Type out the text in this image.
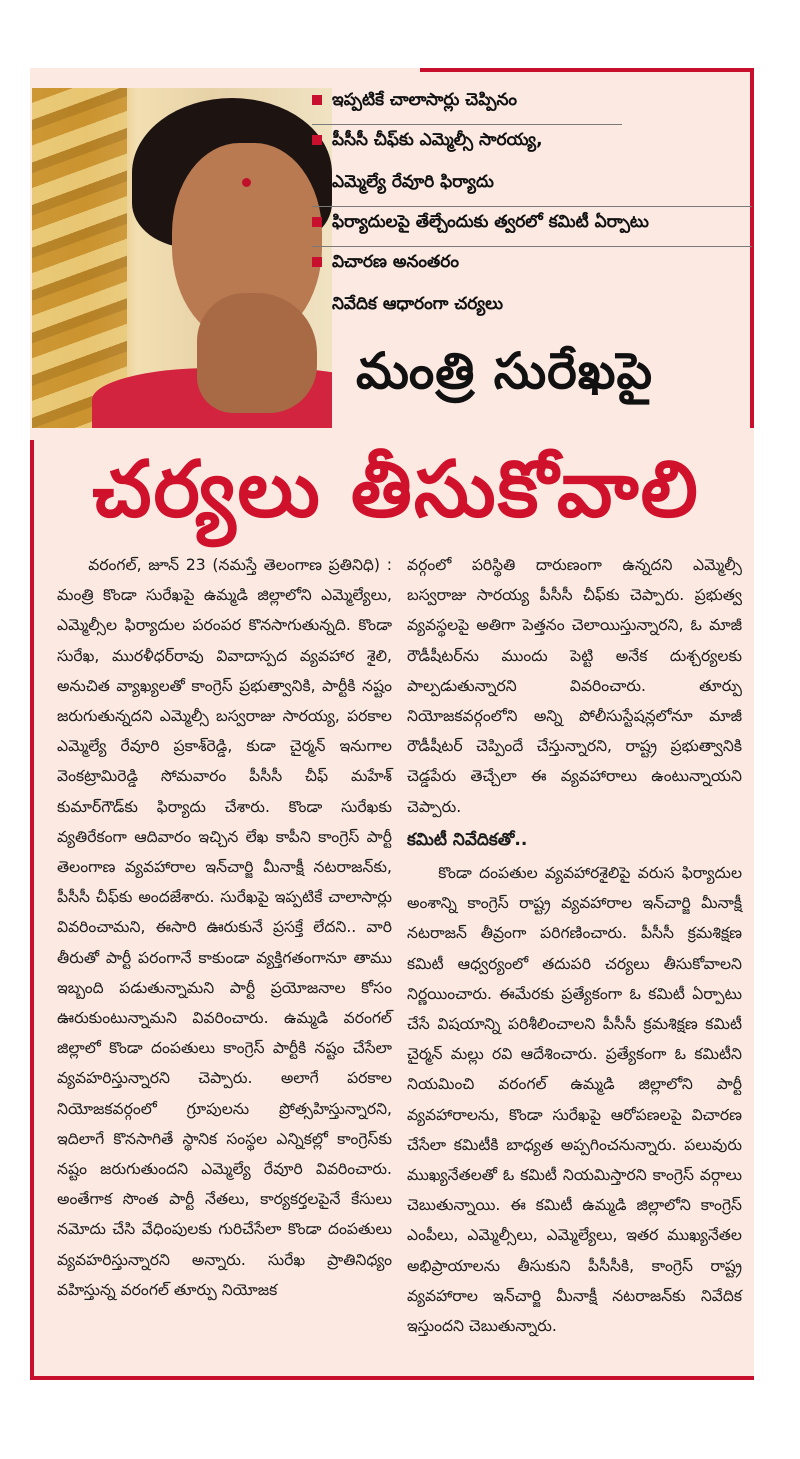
ఇప్పటికే చాలాసార్లు చెప్పినం
పీసీసీ చీఫ్‌కు ఎమ్మెల్సీ సారయ్య,
ఎమ్మెల్యే రేవూరి ఫిర్యాదు
ఫిర్యాదులపై తేల్చేందుకు త్వరలో కమిటీ ఏర్పాటు
విచారణ అనంతరం
నివేదిక ఆధారంగా చర్యలు
మంత్రి సురేఖపై
చర్యలు తీసుకోవాలి

వరంగల్, జూన్ 23 (నమస్తే తెలంగాణ ప్రతినిధి) : మంత్రి కొండా సురేఖపై ఉమ్మడి జిల్లాలోని ఎమ్మెల్యేలు, ఎమ్మెల్సీల ఫిర్యాదుల పరంపర కొనసాగుతున్నది. కొండా సురేఖ, మురళీధర్‌రావు వివాదాస్పద వ్యవహార శైలి, అనుచిత వ్యాఖ్యలతో కాంగ్రెస్ ప్రభుత్వానికి, పార్టీకి నష్టం జరుగుతున్నదని ఎమ్మెల్సీ బస్వరాజు సారయ్య, పరకాల ఎమ్మెల్యే రేవూరి ప్రకాశ్‌రెడ్డి, కుడా చైర్మన్ ఇనుగాల వెంకట్రామిరెడ్డి సోమవారం పీసీసీ చీఫ్ మహేశ్ కుమార్‌గౌడ్‌కు ఫిర్యాదు చేశారు. కొండా సురేఖకు వ్యతిరేకంగా ఆదివారం ఇచ్చిన లేఖ కాపీని కాంగ్రెస్ పార్టీ తెలంగాణ వ్యవహారాల ఇన్‌చార్జి మీనాక్షీ నటరాజన్‌కు, పీసీసీ చీఫ్‌కు అందజేశారు. సురేఖపై ఇప్పటికే చాలాసార్లు వివరించామని, ఈసారి ఊరుకునే ప్రసక్తే లేదని.. వారి తీరుతో పార్టీ పరంగానే కాకుండా వ్యక్తిగతంగానూ తాము ఇబ్బంది పడుతున్నామని పార్టీ ప్రయోజనాల కోసం ఊరుకుంటున్నామని వివరించారు. ఉమ్మడి వరంగల్ జిల్లాలో కొండా దంపతులు కాంగ్రెస్ పార్టీకి నష్టం చేసేలా వ్యవహరిస్తున్నారని చెప్పారు. అలాగే పరకాల నియోజకవర్గంలో గ్రూపులను ప్రోత్సహిస్తున్నారని, ఇదిలాగే కొనసాగితే స్థానిక సంస్థల ఎన్నికల్లో కాంగ్రెస్‌కు నష్టం జరుగుతుందని ఎమ్మెల్యే రేవూరి వివరించారు. అంతేగాక సొంత పార్టీ నేతలు, కార్యకర్తలపైనే కేసులు నమోదు చేసి వేధింపులకు గురిచేసేలా కొండా దంపతులు వ్యవహరిస్తున్నారని అన్నారు. సురేఖ ప్రాతినిధ్యం వహిస్తున్న వరంగల్ తూర్పు నియోజక

వర్గంలో పరిస్థితి దారుణంగా ఉన్నదని ఎమ్మెల్సీ బస్వరాజు సారయ్య పీసీసీ చీఫ్‌కు చెప్పారు. ప్రభుత్వ వ్యవస్థలపై అతిగా పెత్తనం చెలాయిస్తున్నారని, ఓ మాజీ రౌడీషీటర్‌ను ముందు పెట్టి అనేక దుశ్చర్యలకు పాల్పడుతున్నారని వివరించారు. తూర్పు నియోజకవర్గంలోని అన్ని పోలీసుస్టేషన్లలోనూ మాజీ రౌడీషీటర్ చెప్పిందే చేస్తున్నారని, రాష్ట్ర ప్రభుత్వానికి చెడ్డపేరు తెచ్చేలా ఈ వ్యవహారాలు ఉంటున్నాయని చెప్పారు.

కమిటీ నివేదికతో..

కొండా దంపతుల వ్యవహారశైలిపై వరుస ఫిర్యాదుల అంశాన్ని కాంగ్రెస్ రాష్ట్ర వ్యవహారాల ఇన్‌చార్జి మీనాక్షీ నటరాజన్ తీవ్రంగా పరిగణించారు. పీసీసీ క్రమశిక్షణ కమిటీ ఆధ్వర్యంలో తదుపరి చర్యలు తీసుకోవాలని నిర్ణయించారు. ఈమేరకు ప్రత్యేకంగా ఓ కమిటీ ఏర్పాటు చేసే విషయాన్ని పరిశీలించాలని పీసీసీ క్రమశిక్షణ కమిటీ చైర్మన్ మల్లు రవి ఆదేశించారు. ప్రత్యేకంగా ఓ కమిటీని నియమించి వరంగల్ ఉమ్మడి జిల్లాలోని పార్టీ వ్యవహారాలను, కొండా సురేఖపై ఆరోపణలపై విచారణ చేసేలా కమిటీకి బాధ్యత అప్పగించనున్నారు. పలువురు ముఖ్యనేతలతో ఓ కమిటీ నియమిస్తారని కాంగ్రెస్ వర్గాలు చెబుతున్నాయి. ఈ కమిటీ ఉమ్మడి జిల్లాలోని కాంగ్రెస్ ఎంపీలు, ఎమ్మెల్సీలు, ఎమ్మెల్యేలు, ఇతర ముఖ్యనేతల అభిప్రాయాలను తీసుకుని పీసీసీకి, కాంగ్రెస్ రాష్ట్ర వ్యవహారాల ఇన్‌చార్జి మీనాక్షీ నటరాజన్‌కు నివేదిక ఇస్తుందని చెబుతున్నారు.
